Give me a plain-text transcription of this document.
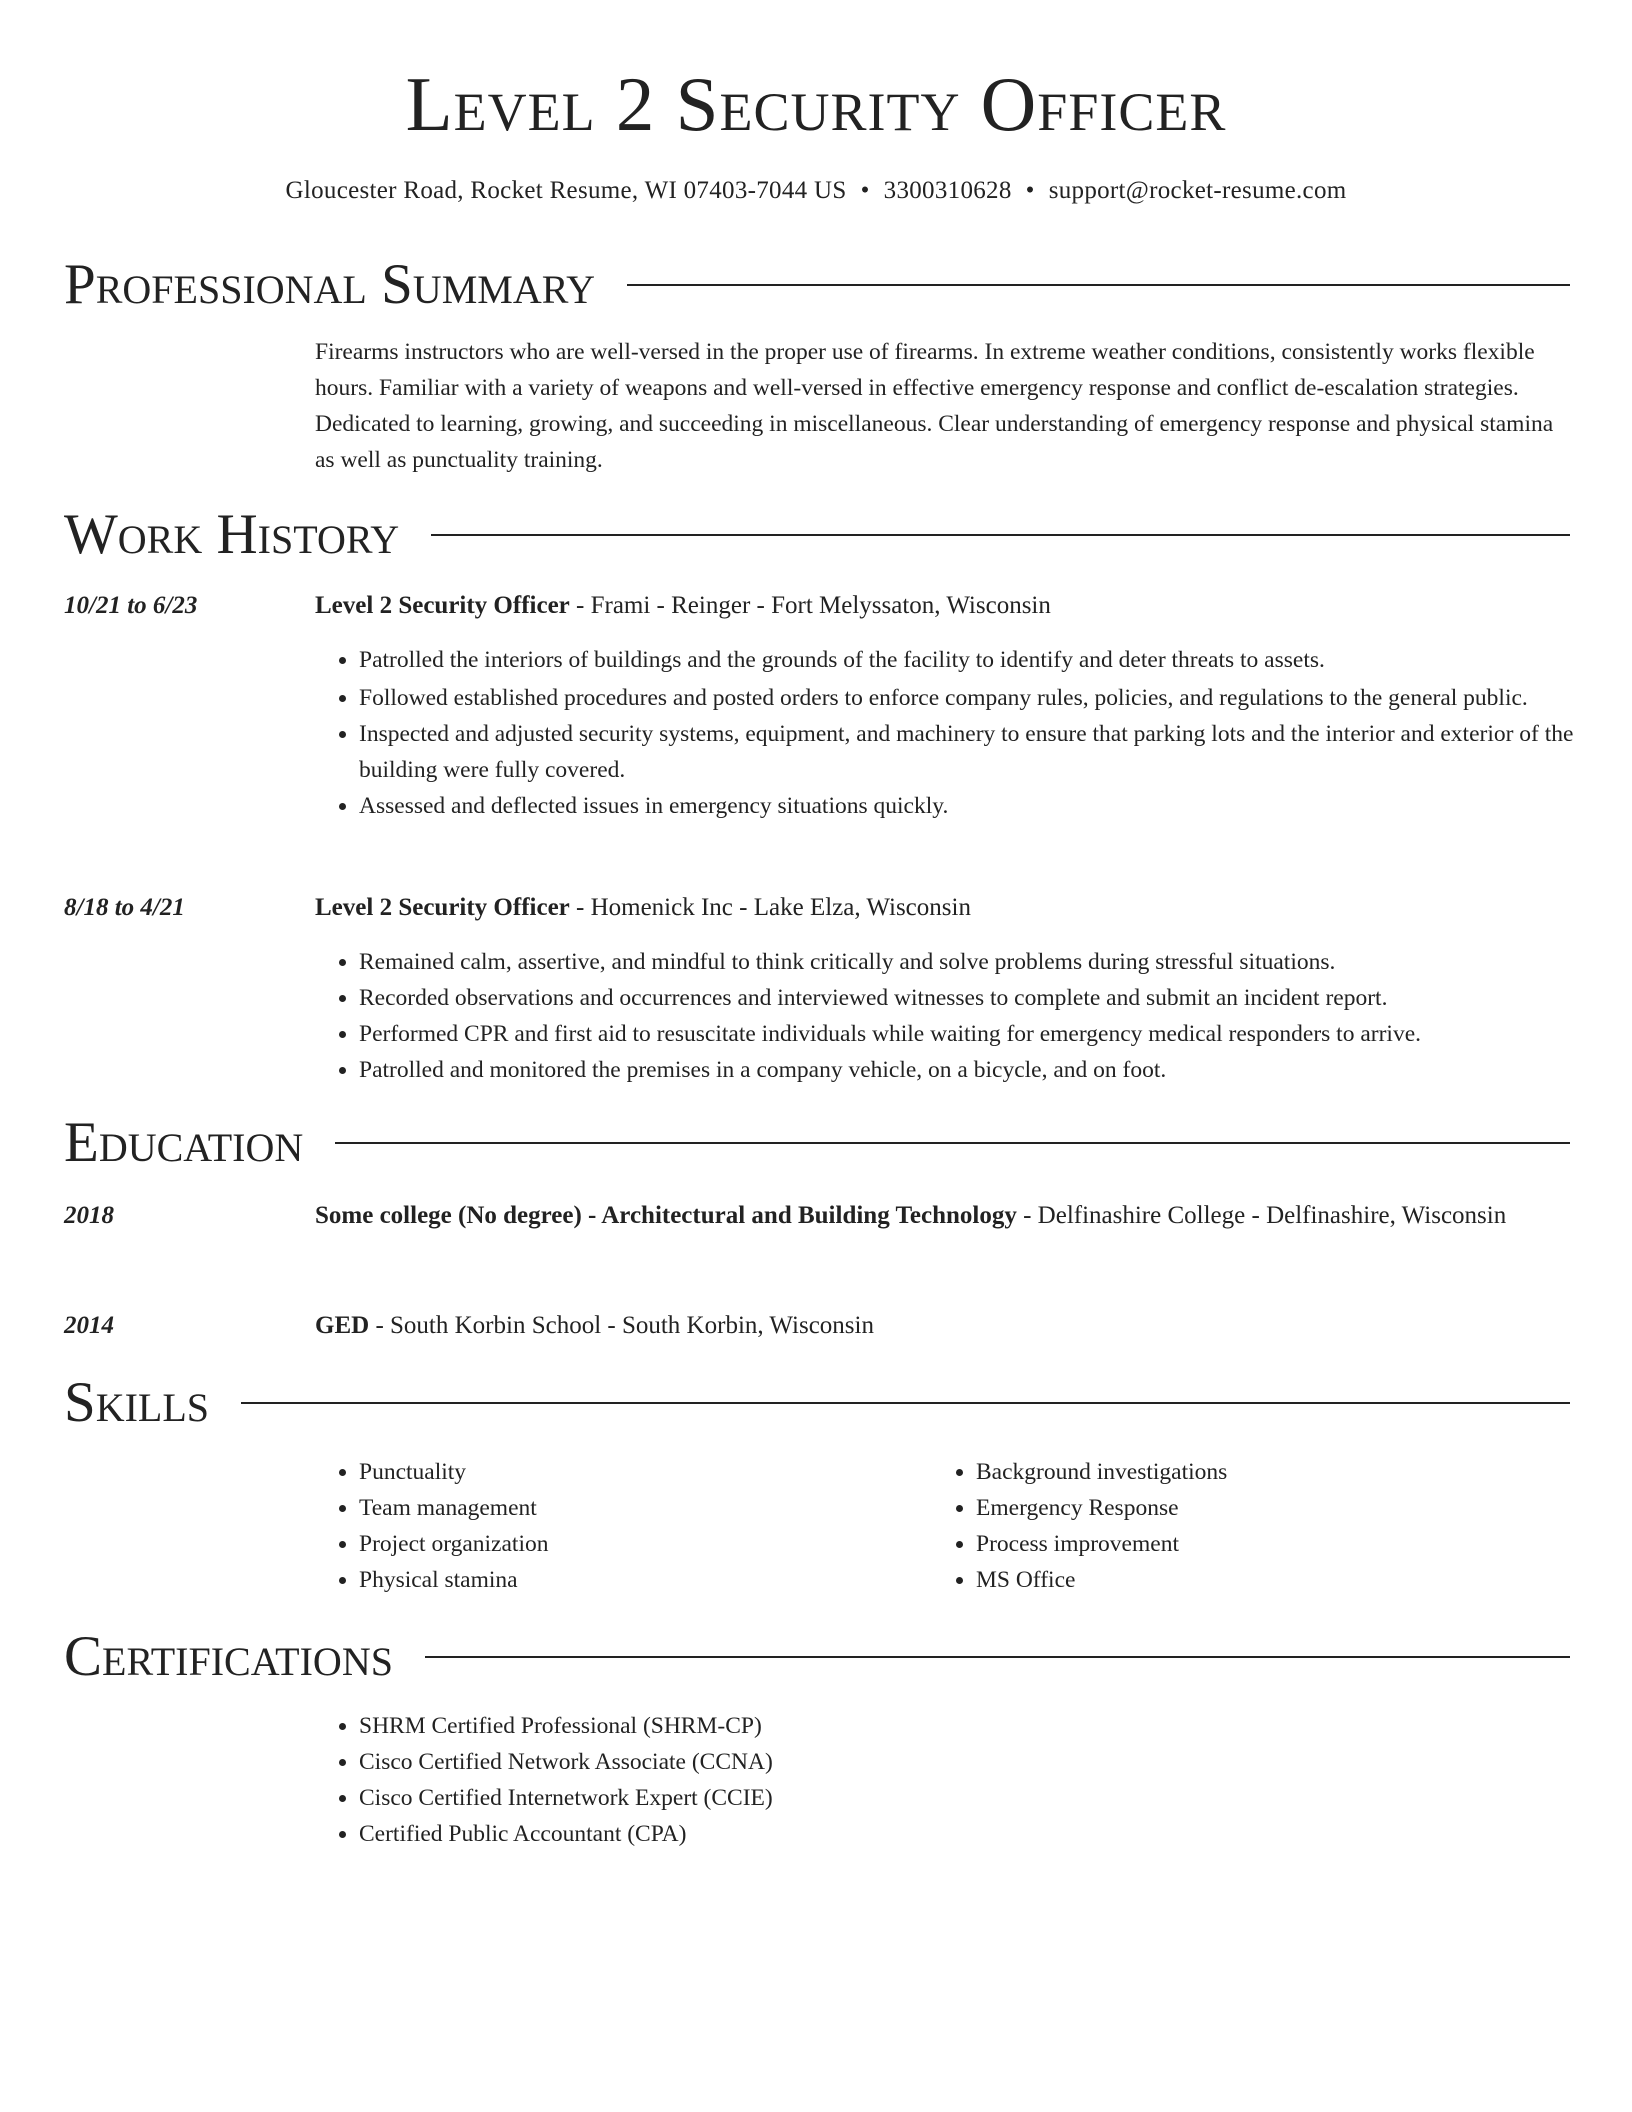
Level 2 Security Officer
Gloucester Road, Rocket Resume, WI 07403-7044 US • 3300310628 • support@rocket-resume.com
Professional Summary

Firearms instructors who are well-versed in the proper use of firearms. In extreme weather conditions, consistently works flexible hours. Familiar with a variety of weapons and well-versed in effective emergency response and conflict de-escalation strategies. Dedicated to learning, growing, and succeeding in miscellaneous. Clear understanding of emergency response and physical stamina as well as punctuality training.

Work History
10/21 to 6/23	Level 2 Security Officer - Frami - Reinger - Fort Melyssaton, Wisconsin
• Patrolled the interiors of buildings and the grounds of the facility to identify and deter threats to assets.
• Followed established procedures and posted orders to enforce company rules, policies, and regulations to the general public.
• Inspected and adjusted security systems, equipment, and machinery to ensure that parking lots and the interior and exterior of the building were fully covered.
• Assessed and deflected issues in emergency situations quickly.
8/18 to 4/21	Level 2 Security Officer - Homenick Inc - Lake Elza, Wisconsin
• Remained calm, assertive, and mindful to think critically and solve problems during stressful situations.
• Recorded observations and occurrences and interviewed witnesses to complete and submit an incident report.
• Performed CPR and first aid to resuscitate individuals while waiting for emergency medical responders to arrive.
• Patrolled and monitored the premises in a company vehicle, on a bicycle, and on foot.
Education
2018	Some college (No degree) - Architectural and Building Technology - Delfinashire College - Delfinashire, Wisconsin
2014	GED - South Korbin School - South Korbin, Wisconsin
Skills
• Punctuality
• Team management
• Project organization
• Physical stamina
• Background investigations
• Emergency Response
• Process improvement
• MS Office
Certifications
• SHRM Certified Professional (SHRM-CP)
• Cisco Certified Network Associate (CCNA)
• Cisco Certified Internetwork Expert (CCIE)
• Certified Public Accountant (CPA)
